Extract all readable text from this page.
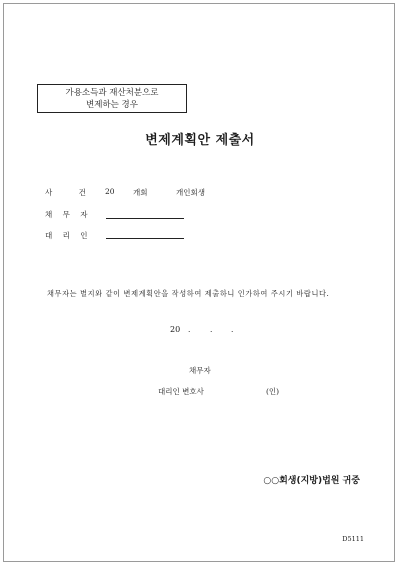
가용소득과 재산처분으로
변제하는 경우
변제계획안 제출서
사 건 20 개회	개인회생
채 무 자
대 리 인
채무자는 별지와 같이 변제계획안을 작성하여 제출하니 인가하여 주시기 바랍니다.
20 .	. .
채무자
대리인 변호사	(인)
○○회생(지방)법원 귀중
D5111
